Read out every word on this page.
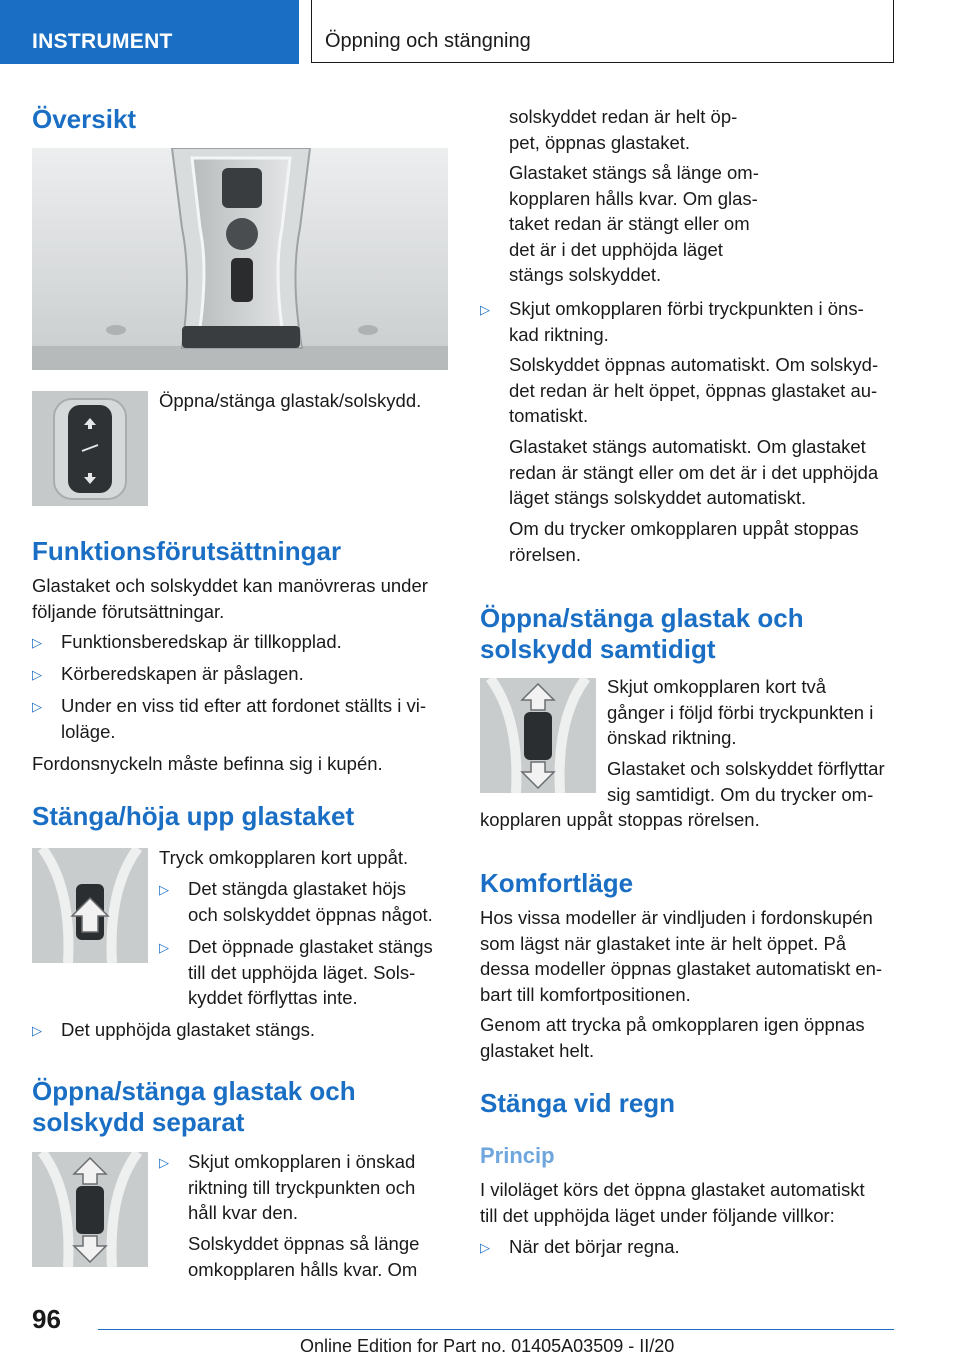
INSTRUMENT	Öppning och stängning
Översikt
Öppna/stänga glastak/solskydd.
Funktionsförutsättningar
Glastaket och solskyddet kan manövreras under
följande förutsättningar.
▷ Funktionsberedskap är tillkopplad.
▷ Körberedskapen är påslagen.
▷ Under en viss tid efter att fordonet ställts i vi-
loläge.
Fordonsnyckeln måste befinna sig i kupén.
Stänga/höja upp glastaket
Tryck omkopplaren kort uppåt.
▷ Det stängda glastaket höjs
och solskyddet öppnas något.
▷ Det öppnade glastaket stängs
till det upphöjda läget. Sols-
kyddet förflyttas inte.
▷ Det upphöjda glastaket stängs.
Öppna/stänga glastak och
solskydd separat
▷ Skjut omkopplaren i önskad
riktning till tryckpunkten och
håll kvar den.
Solskyddet öppnas så länge
omkopplaren hålls kvar. Om
solskyddet redan är helt öp-
pet, öppnas glastaket.
Glastaket stängs så länge om-
kopplaren hålls kvar. Om glas-
taket redan är stängt eller om
det är i det upphöjda läget
stängs solskyddet.
▷ Skjut omkopplaren förbi tryckpunkten i öns-
kad riktning.
Solskyddet öppnas automatiskt. Om solskyd-
det redan är helt öppet, öppnas glastaket au-
tomatiskt.
Glastaket stängs automatiskt. Om glastaket
redan är stängt eller om det är i det upphöjda
läget stängs solskyddet automatiskt.
Om du trycker omkopplaren uppåt stoppas
rörelsen.
Öppna/stänga glastak och
solskydd samtidigt
Skjut omkopplaren kort två
gånger i följd förbi tryckpunkten i
önskad riktning.
Glastaket och solskyddet förflyttar
sig samtidigt. Om du trycker om-
kopplaren uppåt stoppas rörelsen.
Komfortläge
Hos vissa modeller är vindljuden i fordonskupén
som lägst när glastaket inte är helt öppet. På
dessa modeller öppnas glastaket automatiskt en-
bart till komfortpositionen.
Genom att trycka på omkopplaren igen öppnas
glastaket helt.
Stänga vid regn
Princip
I viloläget körs det öppna glastaket automatiskt
till det upphöjda läget under följande villkor:
▷ När det börjar regna.
96
Online Edition for Part no. 01405A03509 - II/20
